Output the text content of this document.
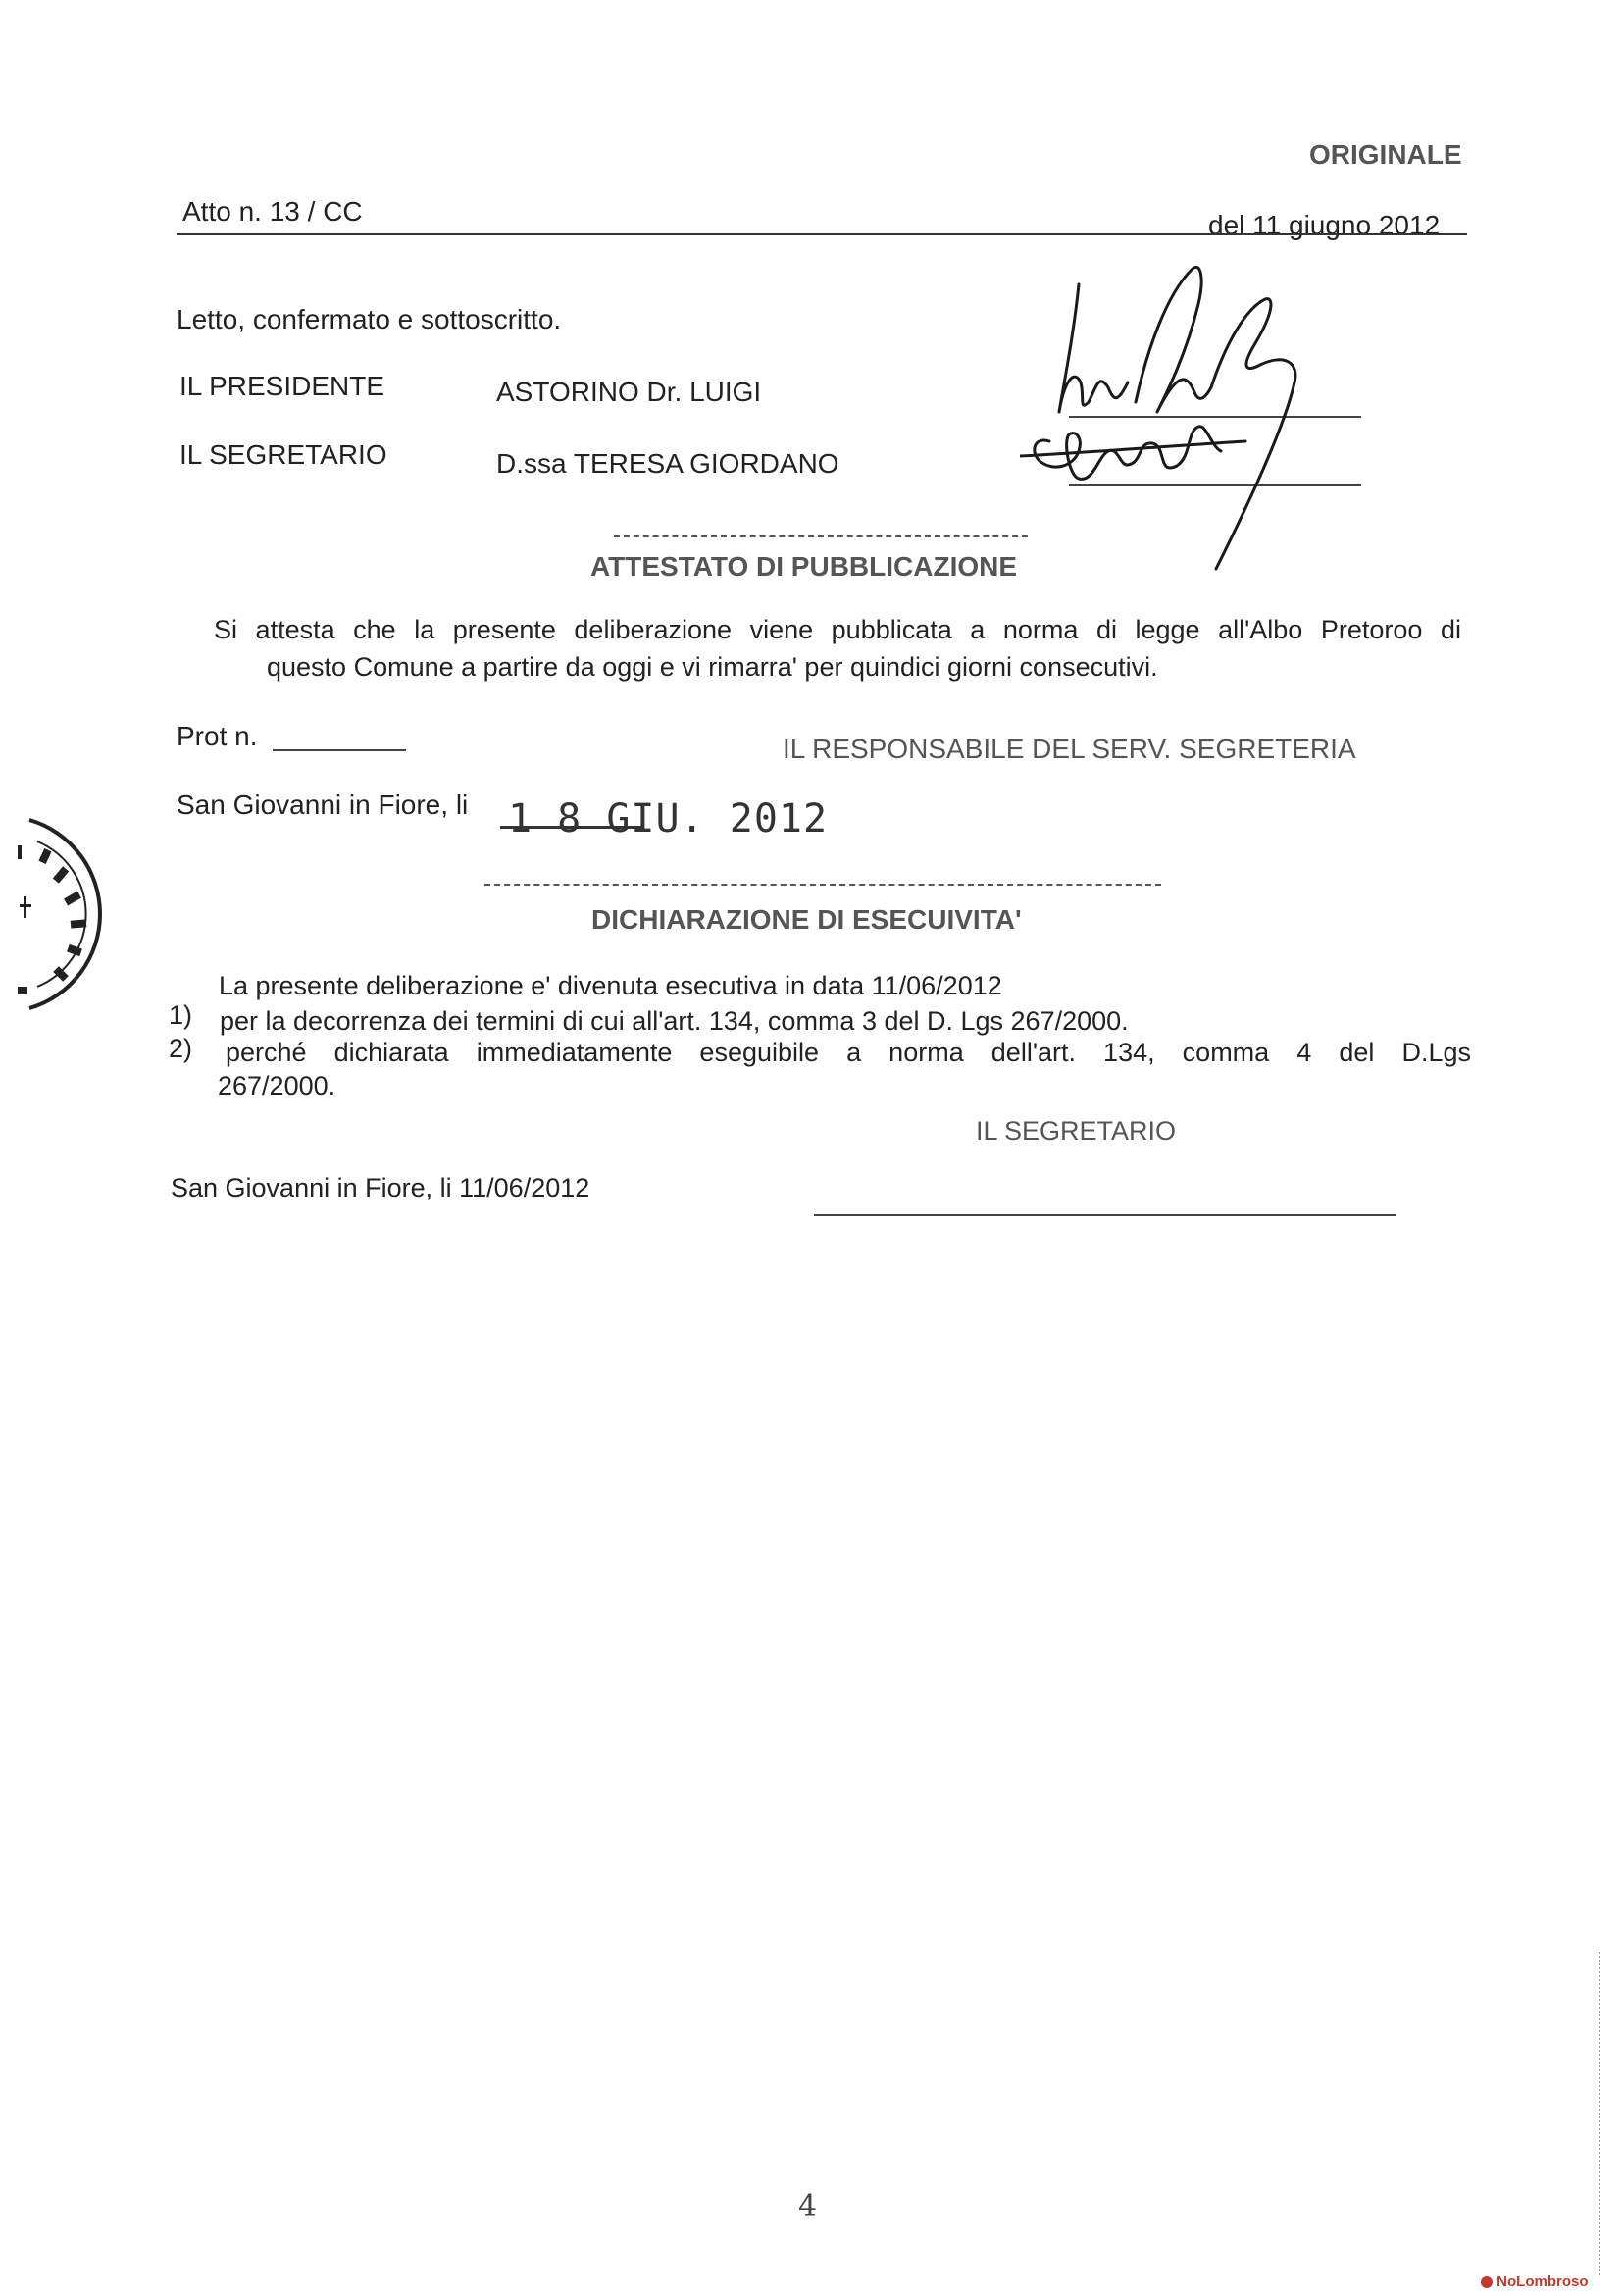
ORIGINALE
Atto n. 13 / CC	del 11 giugno 2012
Letto, confermato e sottoscritto.
IL PRESIDENTE	ASTORINO Dr. LUIGI
IL SEGRETARIO	D.ssa TERESA GIORDANO
ATTESTATO DI PUBBLICAZIONE
Si attesta che la presente deliberazione viene pubblicata a norma di legge all'Albo Pretoroo di
questo Comune a partire da oggi e vi rimarra' per quindici giorni consecutivi.
Prot n.	IL RESPONSABILE DEL SERV. SEGRETERIA
San Giovanni in Fiore, li 1 8 GIU. 2012
DICHIARAZIONE DI ESECUIVITA'
La presente deliberazione e' divenuta esecutiva in data 11/06/2012
1) per la decorrenza dei termini di cui all'art. 134, comma 3 del D. Lgs 267/2000.
2) perché dichiarata immediatamente eseguibile a norma dell'art. 134, comma 4 del D.Lgs
267/2000.
IL SEGRETARIO
San Giovanni in Fiore, li 11/06/2012
4
NoLombroso
